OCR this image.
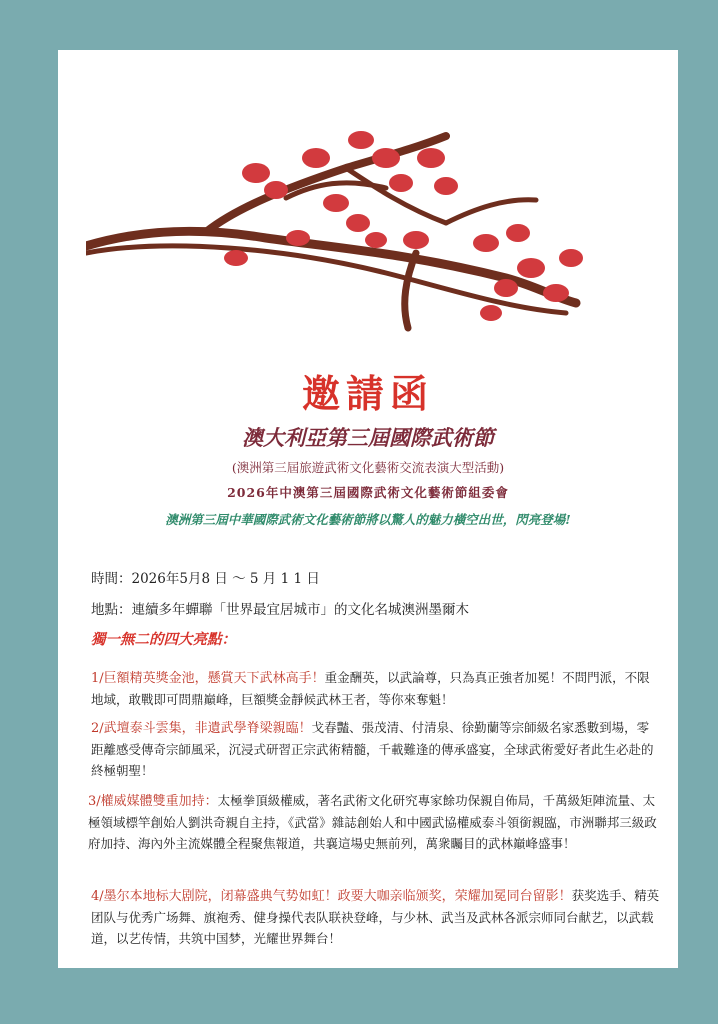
邀請函
澳大利亞第三屆國際武術節
(澳洲第三屆旅遊武術文化藝術交流表演大型活動)
2026年中澳第三屆國際武術文化藝術節組委會
澳洲第三屆中華國際武術文化藝術節將以驚人的魅力橫空出世，閃亮登場!
時間：2026年5月8 日 ～ 5 月 1 1 日
地點：連續多年蟬聯「世界最宜居城市」的文化名城澳洲墨爾木
獨一無二的四大亮點：
1/巨額精英獎金池，懸賞天下武林高手！重金酬英，以武論尊，只為真正強者加冕！不問門派，不限地域，敢戰即可問鼎巔峰，巨額獎金靜候武林王者，等你來奪魁！
2/武壇泰斗雲集，非遺武學脊梁親臨！戈春豔、張茂清、付清泉、徐勤蘭等宗師級名家悉數到場，零距離感受傳奇宗師風采，沉浸式研習正宗武術精髓，千載難逢的傳承盛宴，全球武術愛好者此生必赴的終極朝聖！
3/權威媒體雙重加持：太極拳頂級權威，著名武術文化研究專家餘功保親自佈局，千萬級矩陣流量、太極領域標竿創始人劉洪奇親自主持，《武當》雜誌創始人和中國武協權威泰斗領銜親臨，市洲聯邦三級政府加持、海內外主流媒體全程聚焦報道，共襄這場史無前列，萬衆矚目的武林巔峰盛事！
4/墨尔本地标大剧院，闭幕盛典气势如虹！政要大咖亲临颁奖，荣耀加冕同台留影！获奖选手、精英团队与优秀广场舞、旗袍秀、健身操代表队联袂登峰，与少林、武当及武林各派宗师同台献艺，以武载道，以艺传情，共筑中国梦，光耀世界舞台！
